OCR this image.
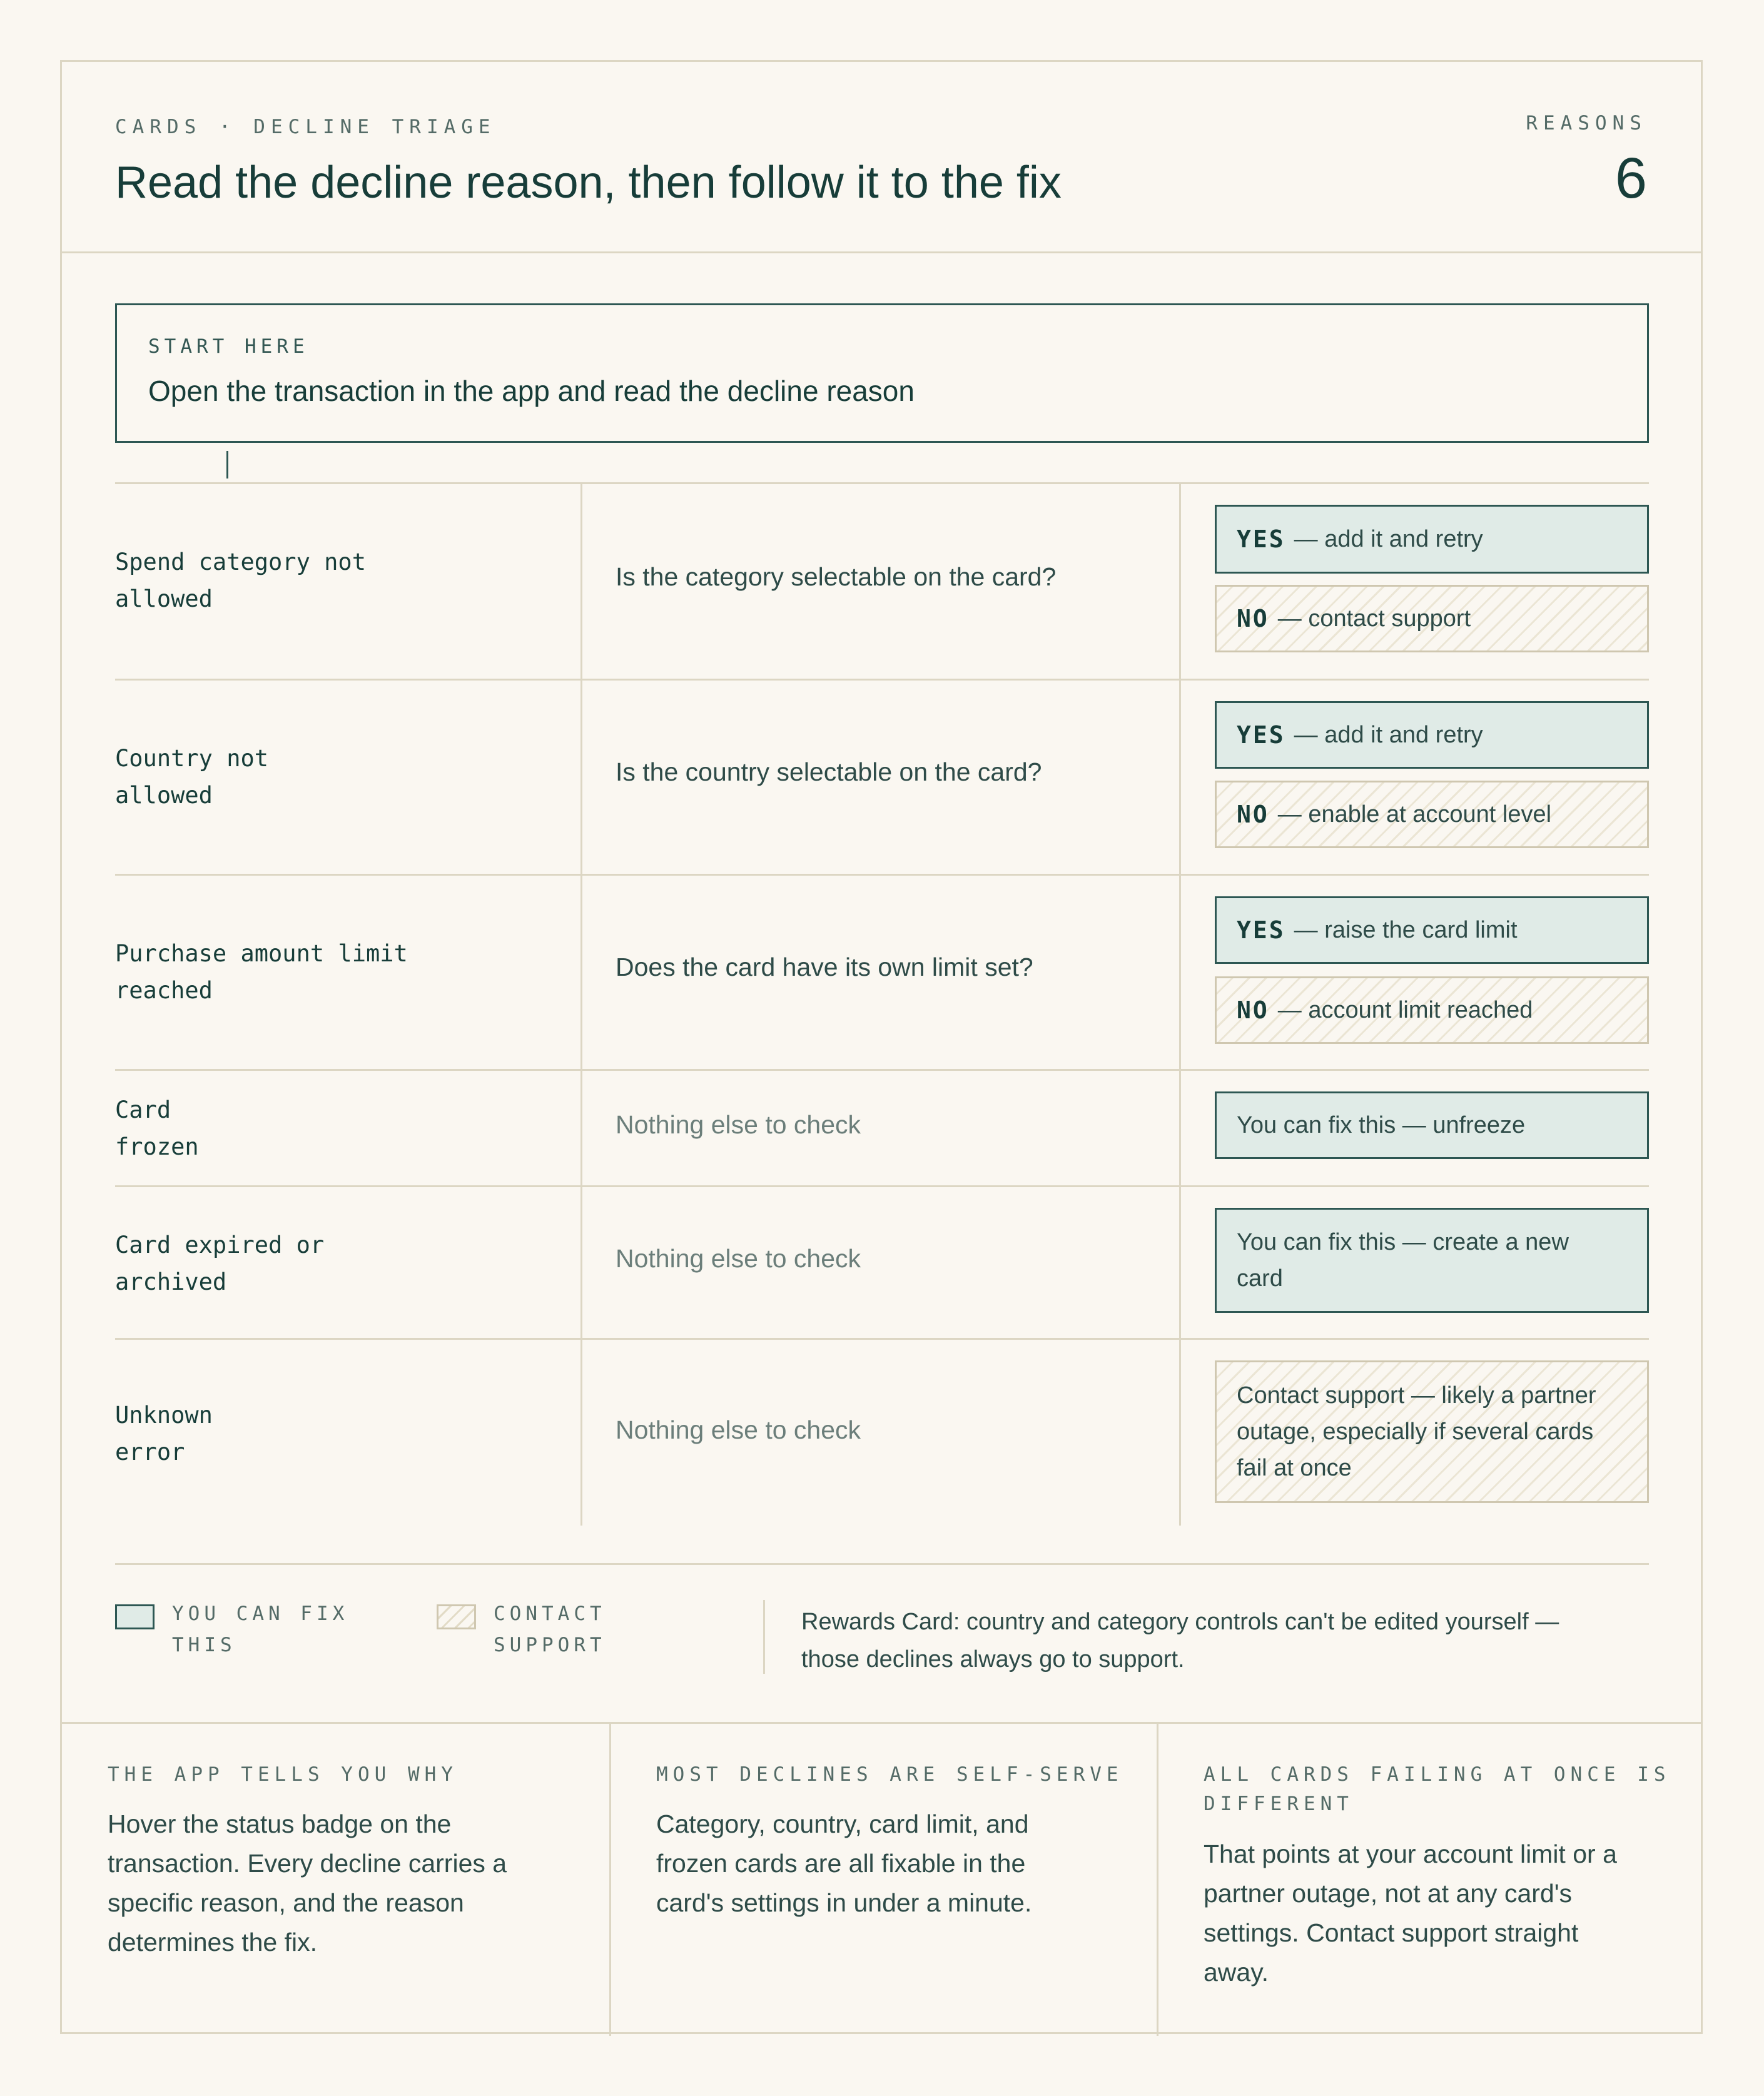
CARDS · DECLINE TRIAGE
Read the decline reason, then follow it to the fix
REASONS
6
START HERE
Open the transaction in the app and read the decline reason
Spend category not
allowed
Is the category selectable on the card?
YES — add it and retry
NO — contact support
Country not
allowed
Is the country selectable on the card?
YES — add it and retry
NO — enable at account level
Purchase amount limit
reached
Does the card have its own limit set?
YES — raise the card limit
NO — account limit reached
Card
frozen
Nothing else to check	You can fix this — unfreeze
Card expired or
archived
Nothing else to check
You can fix this — create a new
card
Unknown
error
Nothing else to check
Contact support — likely a partner
outage, especially if several cards
fail at once
YOU CAN FIX
THIS
CONTACT
SUPPORT
Rewards Card: country and category controls can't be edited yourself —
those declines always go to support.
THE APP TELLS YOU WHY
Hover the status badge on the
transaction. Every decline carries a
specific reason, and the reason
determines the fix.
MOST DECLINES ARE SELF-SERVE
Category, country, card limit, and
frozen cards are all fixable in the
card's settings in under a minute.
ALL CARDS FAILING AT ONCE IS
DIFFERENT
That points at your account limit or a
partner outage, not at any card's
settings. Contact support straight
away.
